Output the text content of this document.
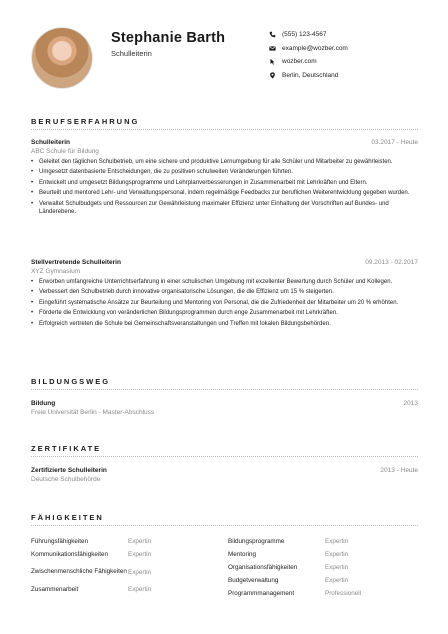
Stephanie Barth
Schulleiterin
(555) 123-4567
example@wozber.com
wozber.com
Berlin, Deutschland
BERUFSERFAHRUNG
Schulleiterin	03.2017 - Heute
ABC Schule für Bildung
• Geleitet den täglichen Schulbetrieb, um eine sichere und produktive Lernumgebung für alle Schüler und Mitarbeiter zu gewährleisten.
• Umgesetzt datenbasierte Entscheidungen, die zu positiven schulweiten Veränderungen führten.
• Entwickelt und umgesetzt Bildungsprogramme und Lehrplanverbesserungen in Zusammenarbeit mit Lehrkräften und Eltern.
• Beurteilt und mentored Lehr- und Verwaltungspersonal, indem regelmäßige Feedbacks zur beruflichen Weiterentwicklung gegeben wurden.
• Verwaltet Schulbudgets und Ressourcen zur Gewährleistung maximaler Effizienz unter Einhaltung der Vorschriften auf Bundes- und Länderebene.
Stellvertretende Schulleiterin	09.2013 - 02.2017
XYZ Gymnasium
• Erworben umfangreiche Unterrichtserfahrung in einer schulischen Umgebung mit exzellenter Bewertung durch Schüler und Kollegen.
• Verbessert den Schulbetrieb durch innovative organisatorische Lösungen, die die Effizienz um 15 % steigerten.
• Eingeführt systematische Ansätze zur Beurteilung und Mentoring von Personal, die die Zufriedenheit der Mitarbeiter um 20 % erhöhten.
• Förderte die Entwicklung von veränderlichen Bildungsprogrammen durch enge Zusammenarbeit mit Lehrkräften.
• Erfolgreich vertreten die Schule bei Gemeinschaftsveranstaltungen und Treffen mit lokalen Bildungsbehörden.
BILDUNGSWEG
Bildung	2013
Freie Universität Berlin - Master-Abschluss
ZERTIFIKATE
Zertifizierte Schulleiterin	2013 - Heute
Deutsche Schulbehörde
FÄHIGKEITEN
Führungsfähigkeiten	Expertin
Kommunikationsfähigkeiten	Expertin
Zwischenmenschliche Fähigkeiten Expertin
Zusammenarbeit	Expertin
Bildungsprogramme	Expertin
Mentoring	Expertin
Organisationsfähigkeiten	Expertin
Budgetverwaltung	Expertin
Programmmanagement	Professionell
